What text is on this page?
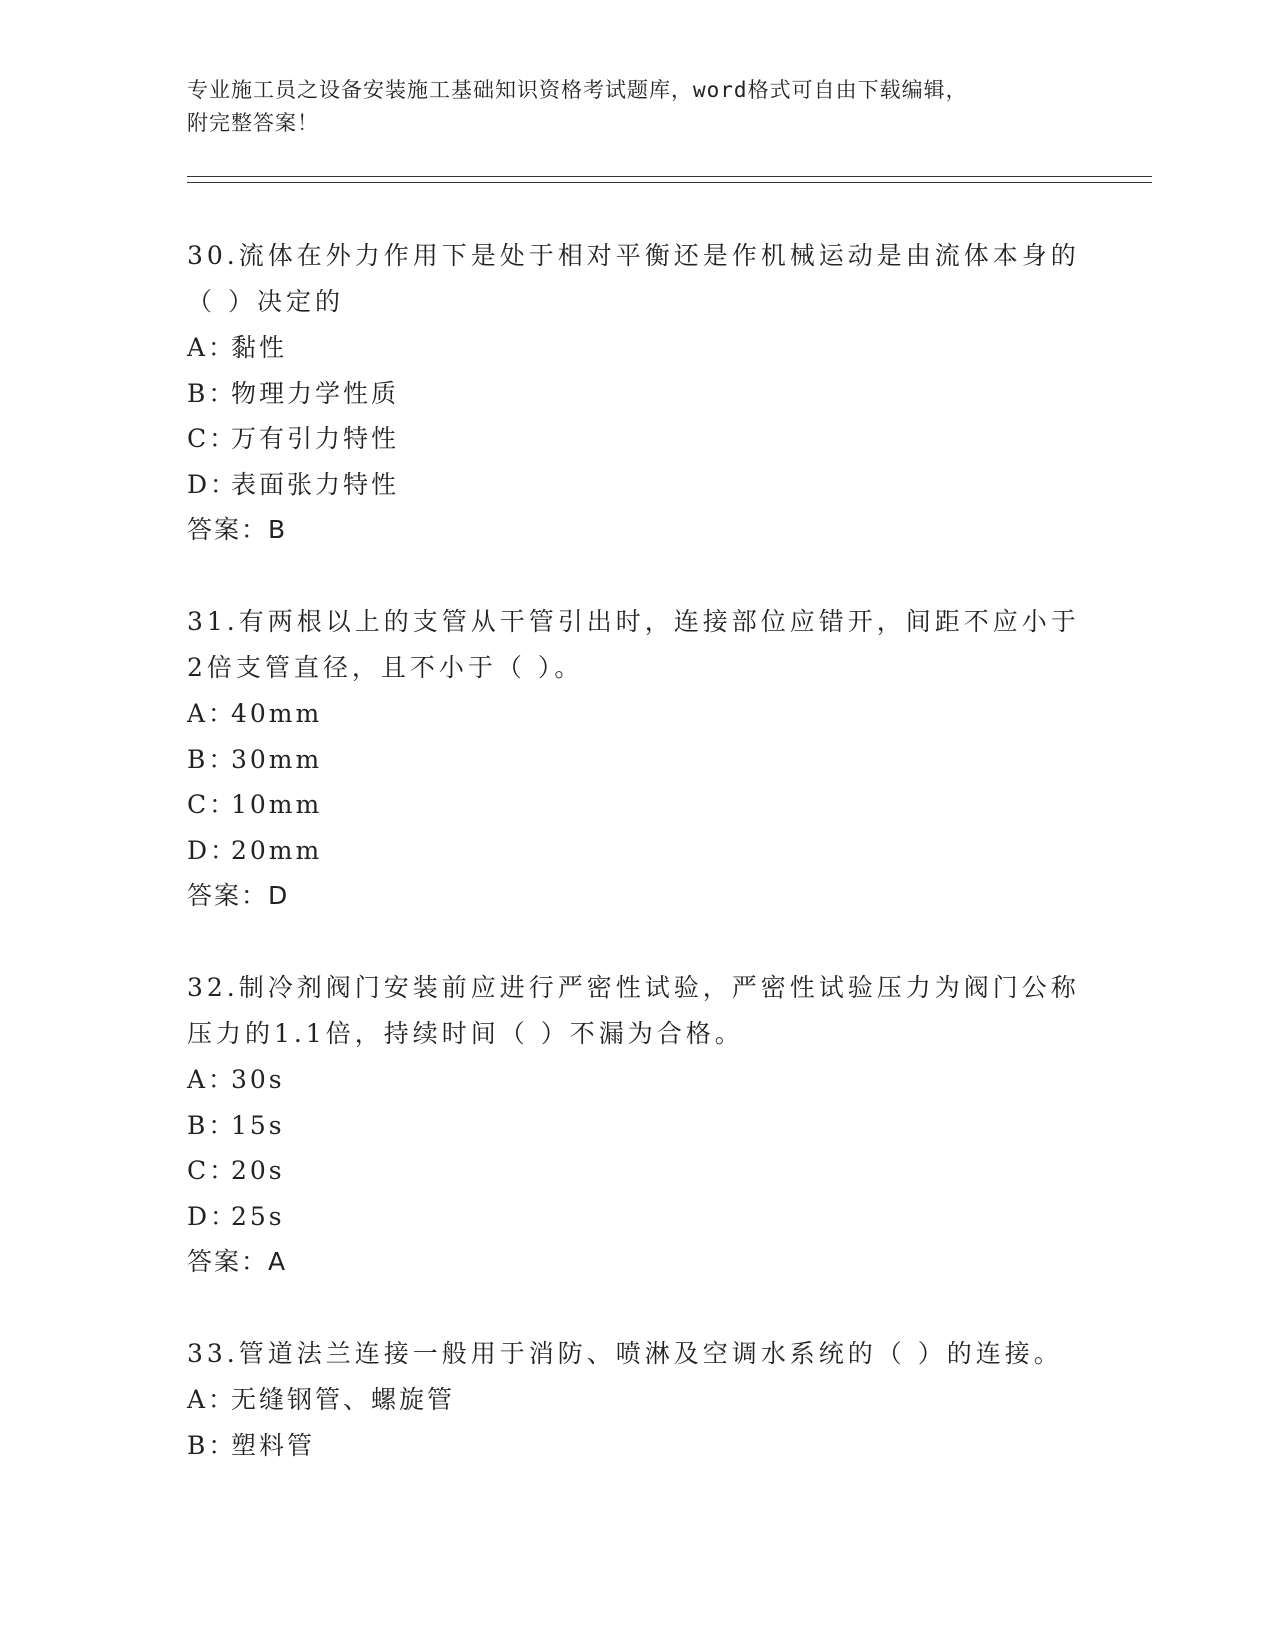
专业施工员之设备安装施工基础知识资格考试题库，word格式可自由下载编辑，
附完整答案！
30.流体在外力作用下是处于相对平衡还是作机械运动是由流体本身的
（ ）决定的
A：黏性
B：物理力学性质
C：万有引力特性
D：表面张力特性
答案：B
31.有两根以上的支管从干管引出时，连接部位应错开，间距不应小于
2倍支管直径，且不小于（ ）。
A：40mm
B：30mm
C：10mm
D：20mm
答案：D
32.制冷剂阀门安装前应进行严密性试验，严密性试验压力为阀门公称
压力的1.1倍，持续时间（ ）不漏为合格。
A：30s
B：15s
C：20s
D：25s
答案：A
33.管道法兰连接一般用于消防、喷淋及空调水系统的（ ）的连接。
A：无缝钢管、螺旋管
B：塑料管
